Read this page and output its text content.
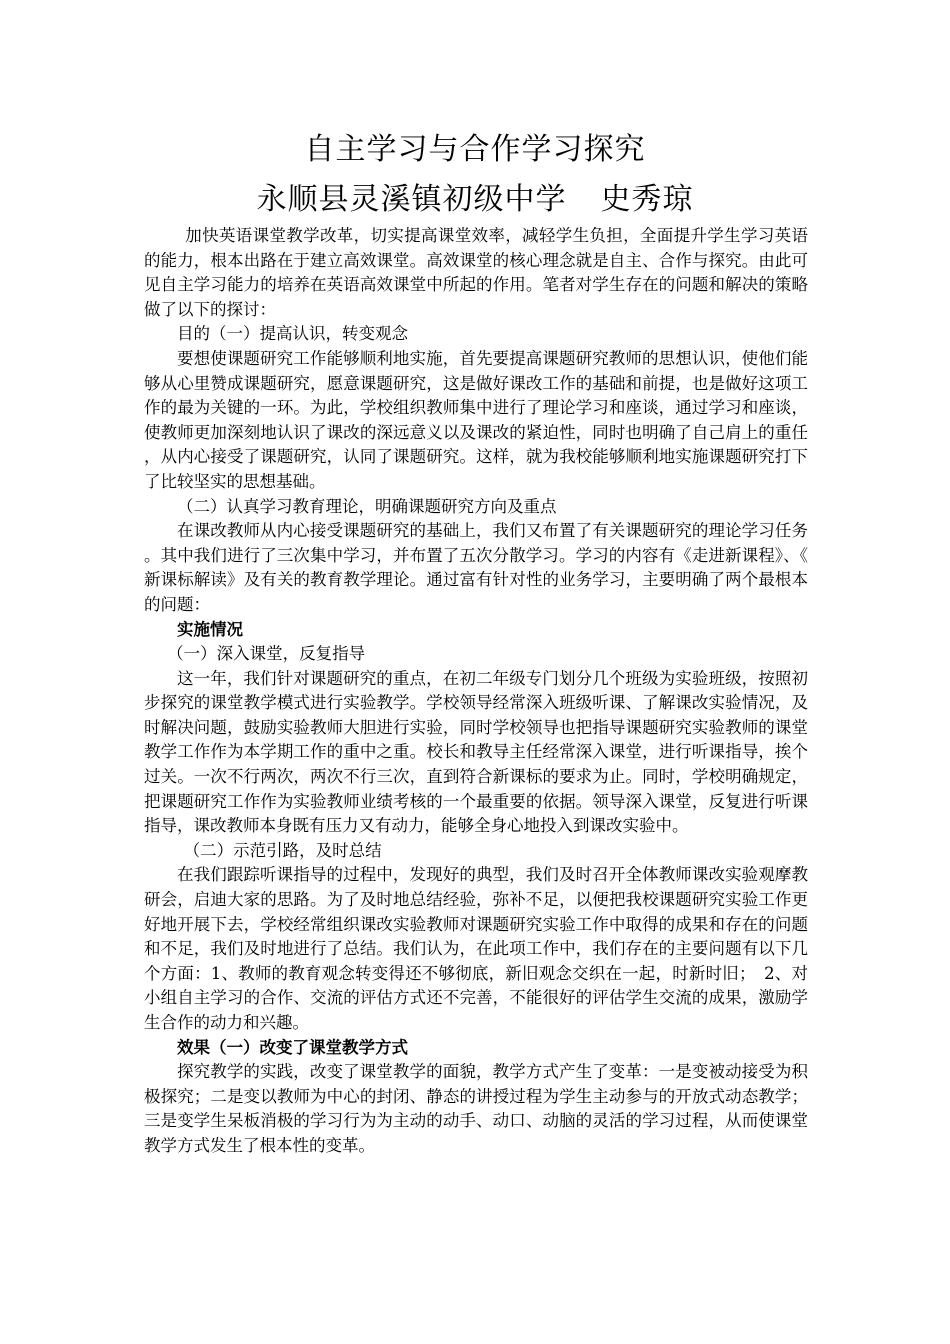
自主学习与合作学习探究
永顺县灵溪镇初级中学 史秀琼

加快英语课堂教学改革，切实提高课堂效率，减轻学生负担，全面提升学生学习英语的能力，根本出路在于建立高效课堂。高效课堂的核心理念就是自主、合作与探究。由此可见自主学习能力的培养在英语高效课堂中所起的作用。笔者对学生存在的问题和解决的策略做了以下的探讨：

目的（一）提高认识，转变观念

要想使课题研究工作能够顺利地实施，首先要提高课题研究教师的思想认识，使他们能够从心里赞成课题研究，愿意课题研究，这是做好课改工作的基础和前提，也是做好这项工作的最为关键的一环。为此，学校组织教师集中进行了理论学习和座谈，通过学习和座谈，使教师更加深刻地认识了课改的深远意义以及课改的紧迫性，同时也明确了自己肩上的重任，从内心接受了课题研究，认同了课题研究。这样，就为我校能够顺利地实施课题研究打下了比较坚实的思想基础。

（二）认真学习教育理论，明确课题研究方向及重点

在课改教师从内心接受课题研究的基础上，我们又布置了有关课题研究的理论学习任务。其中我们进行了三次集中学习，并布置了五次分散学习。学习的内容有《走进新课程》、《新课标解读》及有关的教育教学理论。通过富有针对性的业务学习，主要明确了两个最根本的问题：

实施情况

（一）深入课堂，反复指导

这一年，我们针对课题研究的重点，在初二年级专门划分几个班级为实验班级，按照初步探究的课堂教学模式进行实验教学。学校领导经常深入班级听课、了解课改实验情况，及时解决问题，鼓励实验教师大胆进行实验，同时学校领导也把指导课题研究实验教师的课堂教学工作作为本学期工作的重中之重。校长和教导主任经常深入课堂，进行听课指导，挨个过关。一次不行两次，两次不行三次，直到符合新课标的要求为止。同时，学校明确规定，把课题研究工作作为实验教师业绩考核的一个最重要的依据。领导深入课堂，反复进行听课指导，课改教师本身既有压力又有动力，能够全身心地投入到课改实验中。

（二）示范引路，及时总结

在我们跟踪听课指导的过程中，发现好的典型，我们及时召开全体教师课改实验观摩教研会，启迪大家的思路。为了及时地总结经验，弥补不足，以便把我校课题研究实验工作更好地开展下去，学校经常组织课改实验教师对课题研究实验工作中取得的成果和存在的问题和不足，我们及时地进行了总结。我们认为，在此项工作中，我们存在的主要问题有以下几个方面：1、教师的教育观念转变得还不够彻底，新旧观念交织在一起，时新时旧；　2、对小组自主学习的合作、交流的评估方式还不完善，不能很好的评估学生交流的成果，激励学生合作的动力和兴趣。

效果（一）改变了课堂教学方式

探究教学的实践，改变了课堂教学的面貌，教学方式产生了变革：一是变被动接受为积极探究；二是变以教师为中心的封闭、静态的讲授过程为学生主动参与的开放式动态教学；三是变学生呆板消极的学习行为为主动的动手、动口、动脑的灵活的学习过程，从而使课堂教学方式发生了根本性的变革。
